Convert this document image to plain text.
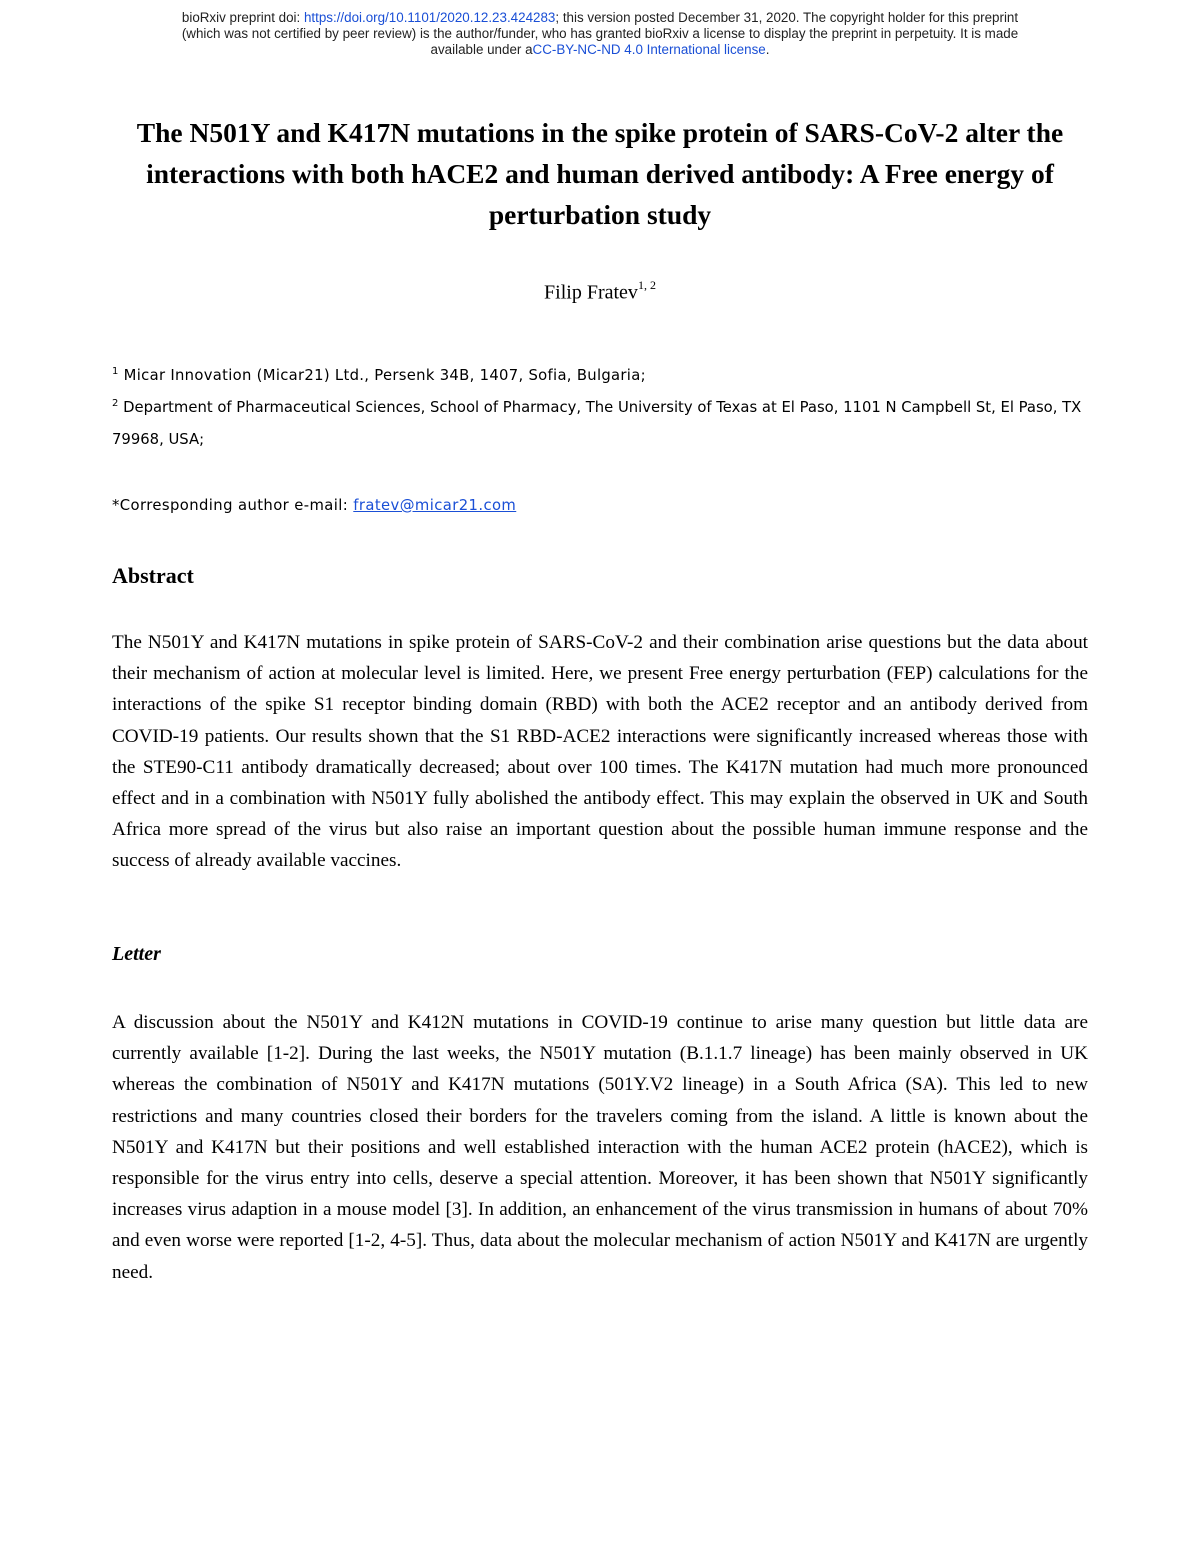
bioRxiv preprint doi: https://doi.org/10.1101/2020.12.23.424283; this version posted December 31, 2020. The copyright holder for this preprint
(which was not certified by peer review) is the author/funder, who has granted bioRxiv a license to display the preprint in perpetuity. It is made
available under aCC-BY-NC-ND 4.0 International license.
The N501Y and K417N mutations in the spike protein of SARS-CoV-2 alter the interactions with both hACE2 and human derived antibody: A Free energy of perturbation study
Filip Fratev$^{1, 2}$
$^1$ Micar Innovation (Micar21) Ltd., Persenk 34B, 1407, Sofia, Bulgaria;
$^2$ Department of Pharmaceutical Sciences, School of Pharmacy, The University of Texas at El Paso, 1101 N Campbell St, El Paso, TX 79968, USA;
*Corresponding author e-mail: fratev@micar21.com
Abstract

The N501Y and K417N mutations in spike protein of SARS-CoV-2 and their combination arise questions but the data about their mechanism of action at molecular level is limited. Here, we present Free energy perturbation (FEP) calculations for the interactions of the spike S1 receptor binding domain (RBD) with both the ACE2 receptor and an antibody derived from COVID-19 patients. Our results shown that the S1 RBD-ACE2 interactions were significantly increased whereas those with the STE90-C11 antibody dramatically decreased; about over 100 times. The K417N mutation had much more pronounced effect and in a combination with N501Y fully abolished the antibody effect. This may explain the observed in UK and South Africa more spread of the virus but also raise an important question about the possible human immune response and the success of already available vaccines.

Letter

A discussion about the N501Y and K412N mutations in COVID-19 continue to arise many question but little data are currently available [1-2]. During the last weeks, the N501Y mutation (B.1.1.7 lineage) has been mainly observed in UK whereas the combination of N501Y and K417N mutations (501Y.V2 lineage) in a South Africa (SA). This led to new restrictions and many countries closed their borders for the travelers coming from the island. A little is known about the N501Y and K417N but their positions and well established interaction with the human ACE2 protein (hACE2), which is responsible for the virus entry into cells, deserve a special attention. Moreover, it has been shown that N501Y significantly increases virus adaption in a mouse model [3]. In addition, an enhancement of the virus transmission in humans of about 70% and even worse were reported [1-2, 4-5]. Thus, data about the molecular mechanism of action N501Y and K417N are urgently need.
